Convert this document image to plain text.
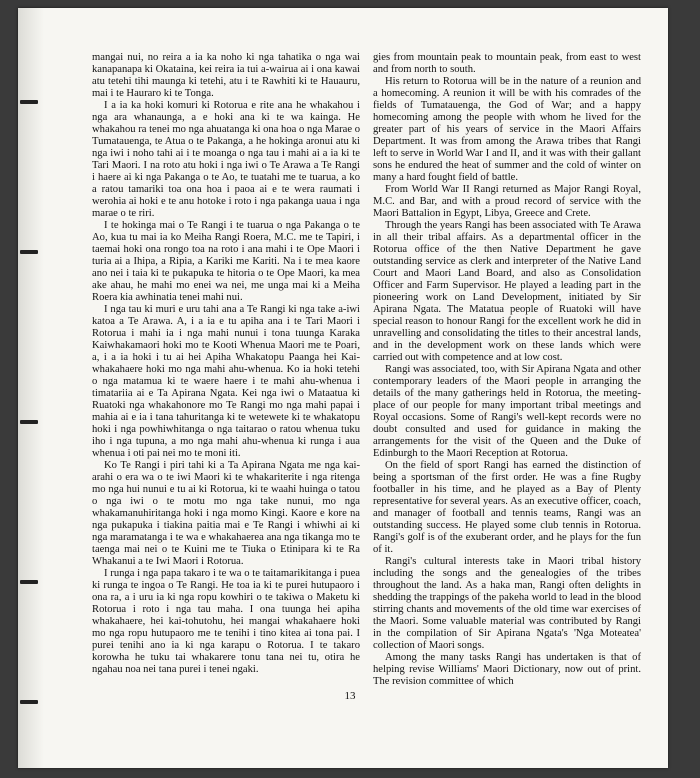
mangai nui, no reira a ia ka noho ki nga tahatika o nga wai kanapanapa ki Okataina, kei reira ia tui a-wairua ai i ona kawai atu tetehi tihi maunga ki tetehi, atu i te Rawhiti ki te Hauauru, mai i te Hauraro ki te Tonga.

I a ia ka hoki komuri ki Rotorua e rite ana he whakahou i nga ara whanaunga, a e hoki ana ki te wa kainga. He whakahou ra tenei mo nga ahuatanga ki ona hoa o nga Marae o Tumatauenga, te Atua o te Pakanga, a he hokinga aronui atu ki nga iwi i noho tahi ai i te moanga o nga tau i mahi ai a ia ki te Tari Maori. I na roto atu hoki i nga iwi o Te Arawa a Te Rangi i haere ai ki nga Pakanga o te Ao, te tuatahi me te tuarua, a ko a ratou tamariki toa ona hoa i paoa ai e te wera raumati i werohia ai hoki e te anu hotoke i roto i nga pakanga uaua i nga marae o te riri.

I te hokinga mai o Te Rangi i te tuarua o nga Pakanga o te Ao, kua tu mai ia ko Meiha Rangi Roera, M.C. me te Tapiri, i taemai hoki ona rongo toa na roto i ana mahi i te Ope Maori i turia ai a Ihipa, a Ripia, a Kariki me Kariti. Na i te mea kaore ano nei i taia ki te pukapuka te hitoria o te Ope Maori, ka mea ake ahau, he mahi mo enei wa nei, me unga mai ki a Meiha Roera kia awhinatia tenei mahi nui.

I nga tau ki muri e uru tahi ana a Te Rangi ki nga take a-iwi katoa a Te Arawa. A, i a ia e tu apiha ana i te Tari Maori i Rotorua i mahi ia i nga mahi nunui i tona tuunga Karaka Kaiwhakamaori hoki mo te Kooti Whenua Maori me te Poari, a, i a ia hoki i tu ai hei Apiha Whakatopu Paanga hei Kai-whakahaere hoki mo nga mahi ahu-whenua. Ko ia hoki tetehi o nga matamua ki te waere haere i te mahi ahu-whenua i timatariia ai e Ta Apirana Ngata. Kei nga iwi o Mataatua ki Ruatoki nga whakahonore mo Te Rangi mo nga mahi papai i mahia ai e ia i tana tahuritanga ki te wetewete ki te whakatopu hoki i nga powhiwhitanga o nga taitarao o ratou whenua tuku iho i nga tupuna, a mo nga mahi ahu-whenua ki runga i aua whenua i oti pai nei mo te moni iti.

Ko Te Rangi i piri tahi ki a Ta Apirana Ngata me nga kai-arahi o era wa o te iwi Maori ki te whakariterite i nga ritenga mo nga hui nunui e tu ai ki Rotorua, ki te waahi huinga o tatou o nga iwi o te motu mo nga take nunui, mo nga whakamanuhiritanga hoki i nga momo Kingi. Kaore e kore na nga pukapuka i tiakina paitia mai e Te Rangi i whiwhi ai ki nga maramatanga i te wa e whakahaerea ana nga tikanga mo te taenga mai nei o te Kuini me te Tiuka o Etinipara ki te Ra Whakanui a te Iwi Maori i Rotorua.

I runga i nga papa takaro i te wa o te taitamarikitanga i puea ki runga te ingoa o Te Rangi. He toa ia ki te purei hutupaoro i ona ra, a i uru ia ki nga ropu kowhiri o te takiwa o Maketu ki Rotorua i roto i nga tau maha. I ona tuunga hei apiha whakahaere, hei kai-tohutohu, hei mangai whakahaere hoki mo nga ropu hutupaoro me te tenihi i tino kitea ai tona pai. I purei tenihi ano ia ki nga karapu o Rotorua. I te takaro korowha he tuku tai whakarere tonu tana nei tu, otira he ngahau noa nei tana purei i tenei ngaki.

gies from mountain peak to mountain peak, from east to west and from north to south.

His return to Rotorua will be in the nature of a reunion and a homecoming. A reunion it will be with his comrades of the fields of Tumatauenga, the God of War; and a happy homecoming among the people with whom he lived for the greater part of his years of service in the Maori Affairs Department. It was from among the Arawa tribes that Rangi left to serve in World War I and II, and it was with their gallant sons he endured the heat of summer and the cold of winter on many a hard fought field of battle.

From World War II Rangi returned as Major Rangi Royal, M.C. and Bar, and with a proud record of service with the Maori Battalion in Egypt, Libya, Greece and Crete.

Through the years Rangi has been associated with Te Arawa in all their tribal affairs. As a departmental officer in the Rotorua office of the then Native Department he gave outstanding service as clerk and interpreter of the Native Land Court and Maori Land Board, and also as Consolidation Officer and Farm Supervisor. He played a leading part in the pioneering work on Land Development, initiated by Sir Apirana Ngata. The Matatua people of Ruatoki will have special reason to honour Rangi for the excellent work he did in unravelling and consolidating the titles to their ancestral lands, and in the development work on these lands which were carried out with competence and at low cost.

Rangi was associated, too, with Sir Apirana Ngata and other contemporary leaders of the Maori people in arranging the details of the many gatherings held in Rotorua, the meeting-place of our people for many important tribal meetings and Royal occasions. Some of Rangi's well-kept records were no doubt consulted and used for guidance in making the arrangements for the visit of the Queen and the Duke of Edinburgh to the Maori Reception at Rotorua.

On the field of sport Rangi has earned the distinction of being a sportsman of the first order. He was a fine Rugby footballer in his time, and he played as a Bay of Plenty representative for several years. As an executive officer, coach, and manager of football and tennis teams, Rangi was an outstanding success. He played some club tennis in Rotorua. Rangi's golf is of the exuberant order, and he plays for the fun of it.

Rangi's cultural interests take in Maori tribal history including the songs and the genealogies of the tribes throughout the land. As a haka man, Rangi often delights in shedding the trappings of the pakeha world to lead in the blood stirring chants and movements of the old time war exercises of the Maori. Some valuable material was contributed by Rangi in the compilation of Sir Apirana Ngata's 'Nga Moteatea' collection of Maori songs.

Among the many tasks Rangi has undertaken is that of helping revise Williams' Maori Dictionary, now out of print. The revision committee of which

13
